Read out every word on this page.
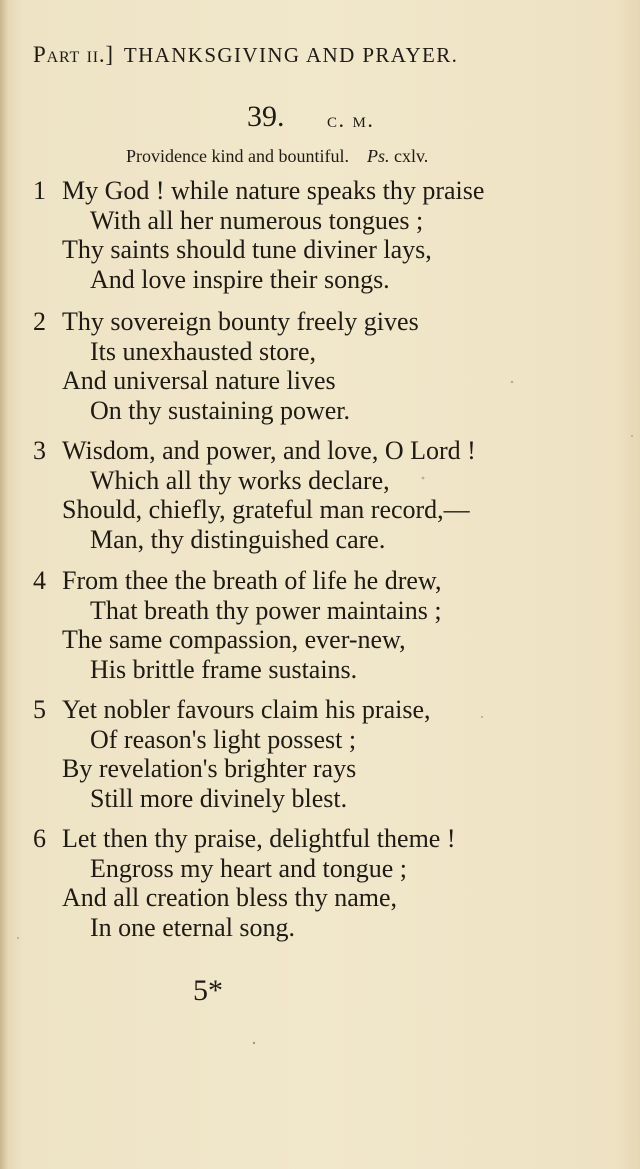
Part ii.] THANKSGIVING AND PRAYER.
39. c. m.
Providence kind and bountiful. Ps. cxlv.
1 My God ! while nature speaks thy praise
With all her numerous tongues ;
Thy saints should tune diviner lays,
And love inspire their songs.
2 Thy sovereign bounty freely gives
Its unexhausted store,
And universal nature lives
On thy sustaining power.
3 Wisdom, and power, and love, O Lord !
Which all thy works declare,
Should, chiefly, grateful man record,—
Man, thy distinguished care.
4 From thee the breath of life he drew,
That breath thy power maintains ;
The same compassion, ever-new,
His brittle frame sustains.
5 Yet nobler favours claim his praise,
Of reason's light possest ;
By revelation's brighter rays
Still more divinely blest.
6 Let then thy praise, delightful theme !
Engross my heart and tongue ;
And all creation bless thy name,
In one eternal song.
5*
